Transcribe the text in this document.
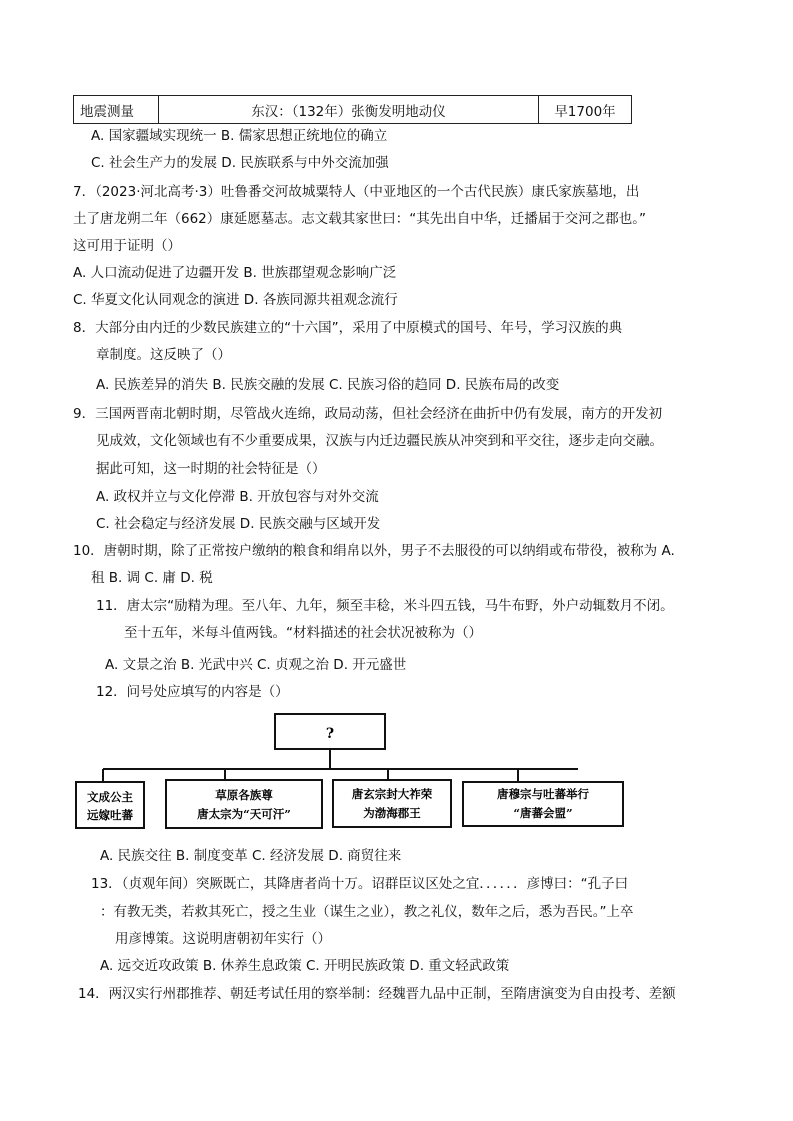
地震测量	东汉：（132年）张衡发明地动仪	早1700年
A. 国家疆域实现统一 B. 儒家思想正统地位的确立
C. 社会生产力的发展 D. 民族联系与中外交流加强
7．（2023·河北高考·3）吐鲁番交河故城粟特人（中亚地区的一个古代民族）康氏家族墓地，出
土了唐龙朔二年（662）康延愿墓志。志文载其家世曰：“其先出自中华，迁播届于交河之郡也。”
这可用于证明（）
A. 人口流动促进了边疆开发 B. 世族郡望观念影响广泛
C. 华夏文化认同观念的演进 D. 各族同源共祖观念流行
8．大部分由内迁的少数民族建立的“十六国”，采用了中原模式的国号、年号，学习汉族的典
章制度。这反映了（）
A. 民族差异的消失 B. 民族交融的发展 C. 民族习俗的趋同 D. 民族布局的改变
9．三国两晋南北朝时期，尽管战火连绵，政局动荡，但社会经济在曲折中仍有发展，南方的开发初
见成效，文化领域也有不少重要成果，汉族与内迁边疆民族从冲突到和平交往，逐步走向交融。
据此可知，这一时期的社会特征是（）
A. 政权并立与文化停滞 B. 开放包容与对外交流
C. 社会稳定与经济发展 D. 民族交融与区域开发
10．唐朝时期，除了正常按户缴纳的粮食和绢帛以外，男子不去服役的可以纳绢或布带役，被称为 A.
租 B. 调 C. 庸 D. 税
11．唐太宗“励精为理。至八年、九年，频至丰稔，米斗四五钱，马牛布野，外户动辄数月不闭。
至十五年，米每斗值两钱。“材料描述的社会状况被称为（）
A. 文景之治 B. 光武中兴 C. 贞观之治 D. 开元盛世
12．问号处应填写的内容是（）
?
文成公主
远嫁吐蕃
草原各族尊
唐太宗为“天可汗”
唐玄宗封大祚荣
为渤海郡王
唐穆宗与吐蕃举行
“唐蕃会盟”
A. 民族交往 B. 制度变革 C. 经济发展 D. 商贸往来
13．（贞观年间）突厥既亡，其降唐者尚十万。诏群臣议区处之宜．．．．．．彦博曰：“孔子曰
：有教无类，若救其死亡，授之生业（谋生之业），教之礼仪，数年之后，悉为吾民。”上卒
用彦博策。这说明唐朝初年实行（）
A. 远交近攻政策 B. 休养生息政策 C. 开明民族政策 D. 重文轻武政策
14．两汉实行州郡推荐、朝廷考试任用的察举制：经魏晋九品中正制，至隋唐演变为自由投考、差额
